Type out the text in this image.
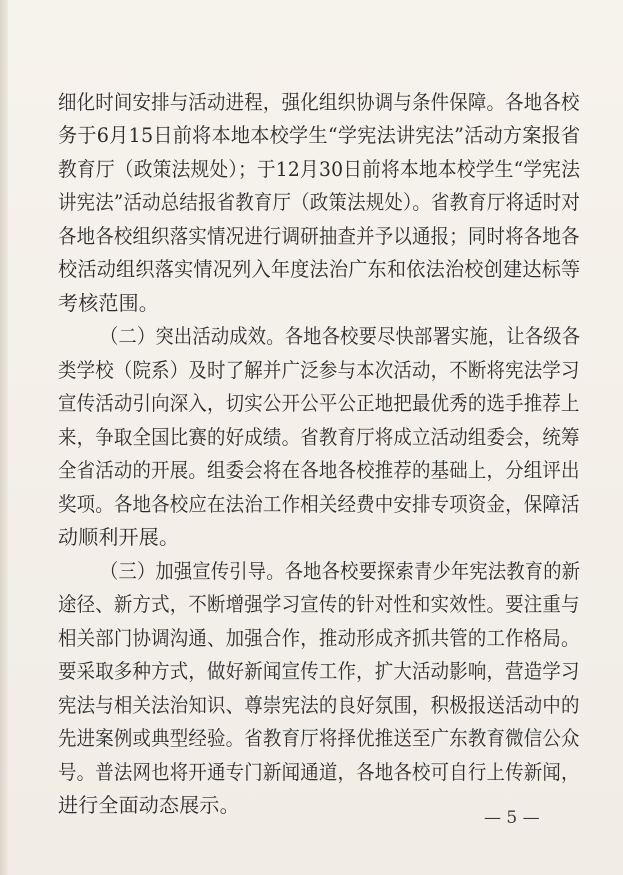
细化时间安排与活动进程，强化组织协调与条件保障。各地各校
务于6月15日前将本地本校学生“学宪法讲宪法”活动方案报省
教育厅（政策法规处）；于12月30日前将本地本校学生“学宪法
讲宪法”活动总结报省教育厅（政策法规处）。省教育厅将适时对
各地各校组织落实情况进行调研抽查并予以通报；同时将各地各
校活动组织落实情况列入年度法治广东和依法治校创建达标等
考核范围。
（二）突出活动成效。各地各校要尽快部署实施，让各级各
类学校（院系）及时了解并广泛参与本次活动，不断将宪法学习
宣传活动引向深入，切实公开公平公正地把最优秀的选手推荐上
来，争取全国比赛的好成绩。省教育厅将成立活动组委会，统筹
全省活动的开展。组委会将在各地各校推荐的基础上，分组评出
奖项。各地各校应在法治工作相关经费中安排专项资金，保障活
动顺利开展。
（三）加强宣传引导。各地各校要探索青少年宪法教育的新
途径、新方式，不断增强学习宣传的针对性和实效性。要注重与
相关部门协调沟通、加强合作，推动形成齐抓共管的工作格局。
要采取多种方式，做好新闻宣传工作，扩大活动影响，营造学习
宪法与相关法治知识、尊崇宪法的良好氛围，积极报送活动中的
先进案例或典型经验。省教育厅将择优推送至广东教育微信公众
号。普法网也将开通专门新闻通道，各地各校可自行上传新闻，
进行全面动态展示。
— 5 —
